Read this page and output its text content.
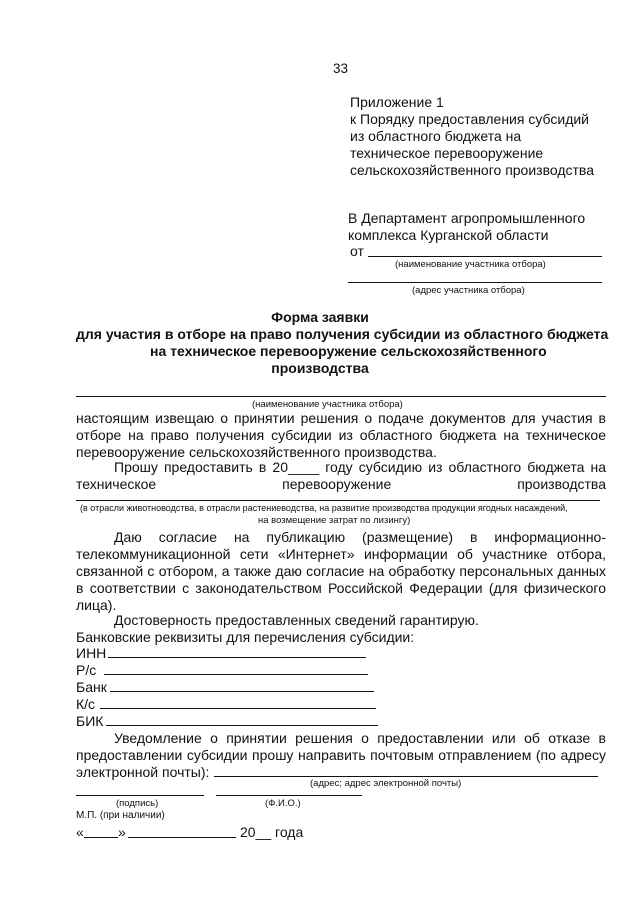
33
Приложение 1
к Порядку предоставления субсидий
из областного бюджета на
техническое перевооружение
сельскохозяйственного производства
В Департамент агропромышленного
комплекса Курганской области
от
(наименование участника отбора)
(адрес участника отбора)
Форма заявки
для участия в отборе на право получения субсидии из областного бюджета
на техническое перевооружение сельскохозяйственного
производства
(наименование участника отбора)
настоящим извещаю о принятии решения о подаче документов для участия в
отборе на право получения субсидии из областного бюджета на техническое
перевооружение сельскохозяйственного производства.
Прошу предоставить в 20____ году субсидию из областного бюджета на
техническое	перевооружение	производства
(в отрасли животноводства, в отрасли растениеводства, на развитие производства продукции ягодных насаждений,
на возмещение затрат по лизингу)
Даю согласие на публикацию (размещение) в информационно-
телекоммуникационной сети «Интернет» информации об участнике отбора,
связанной с отбором, а также даю согласие на обработку персональных данных
в соответствии с законодательством Российской Федерации (для физического
лица).
Достоверность предоставленных сведений гарантирую.
Банковские реквизиты для перечисления субсидии:
ИНН
Р/с
Банк
К/с
БИК
Уведомление о принятии решения о предоставлении или об отказе в
предоставлении субсидии прошу направить почтовым отправлением (по адресу
электронной почты):
(адрес; адрес электронной почты)
(подпись)	(Ф.И.О.)
М.П. (при наличии)
« »	20__ года
